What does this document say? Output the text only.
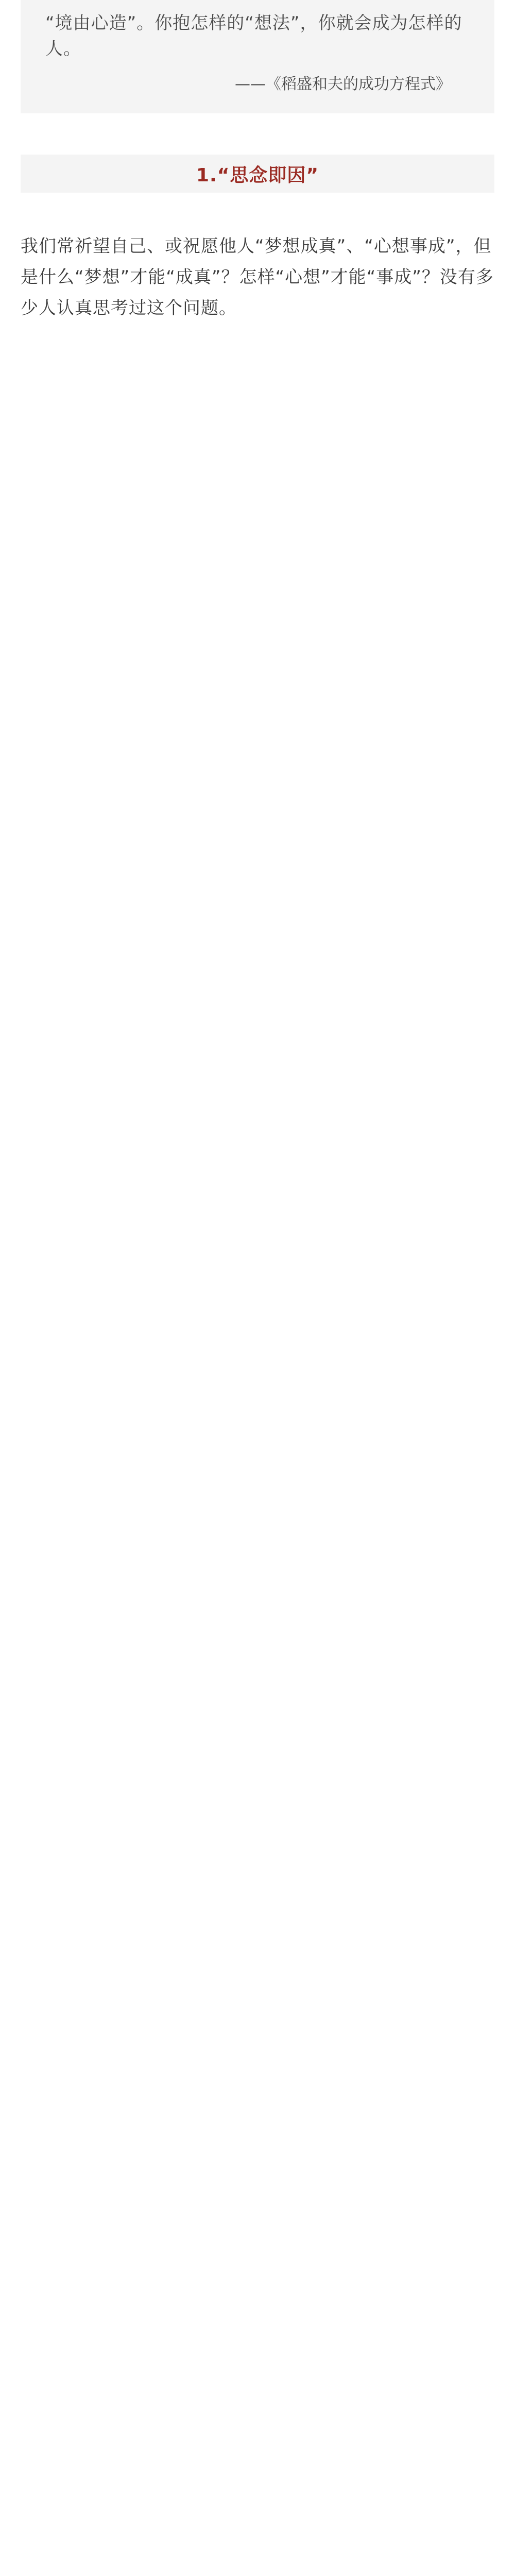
“境由心造”。你抱怎样的“想法”，你就会成为怎样的人。
——《稻盛和夫的成功方程式》
1.“思念即因”

我们常祈望自己、或祝愿他人“梦想成真”、“心想事成”，但是什么“梦想”才能“成真”？怎样“心想”才能“事成”？没有多少人认真思考过这个问题。
